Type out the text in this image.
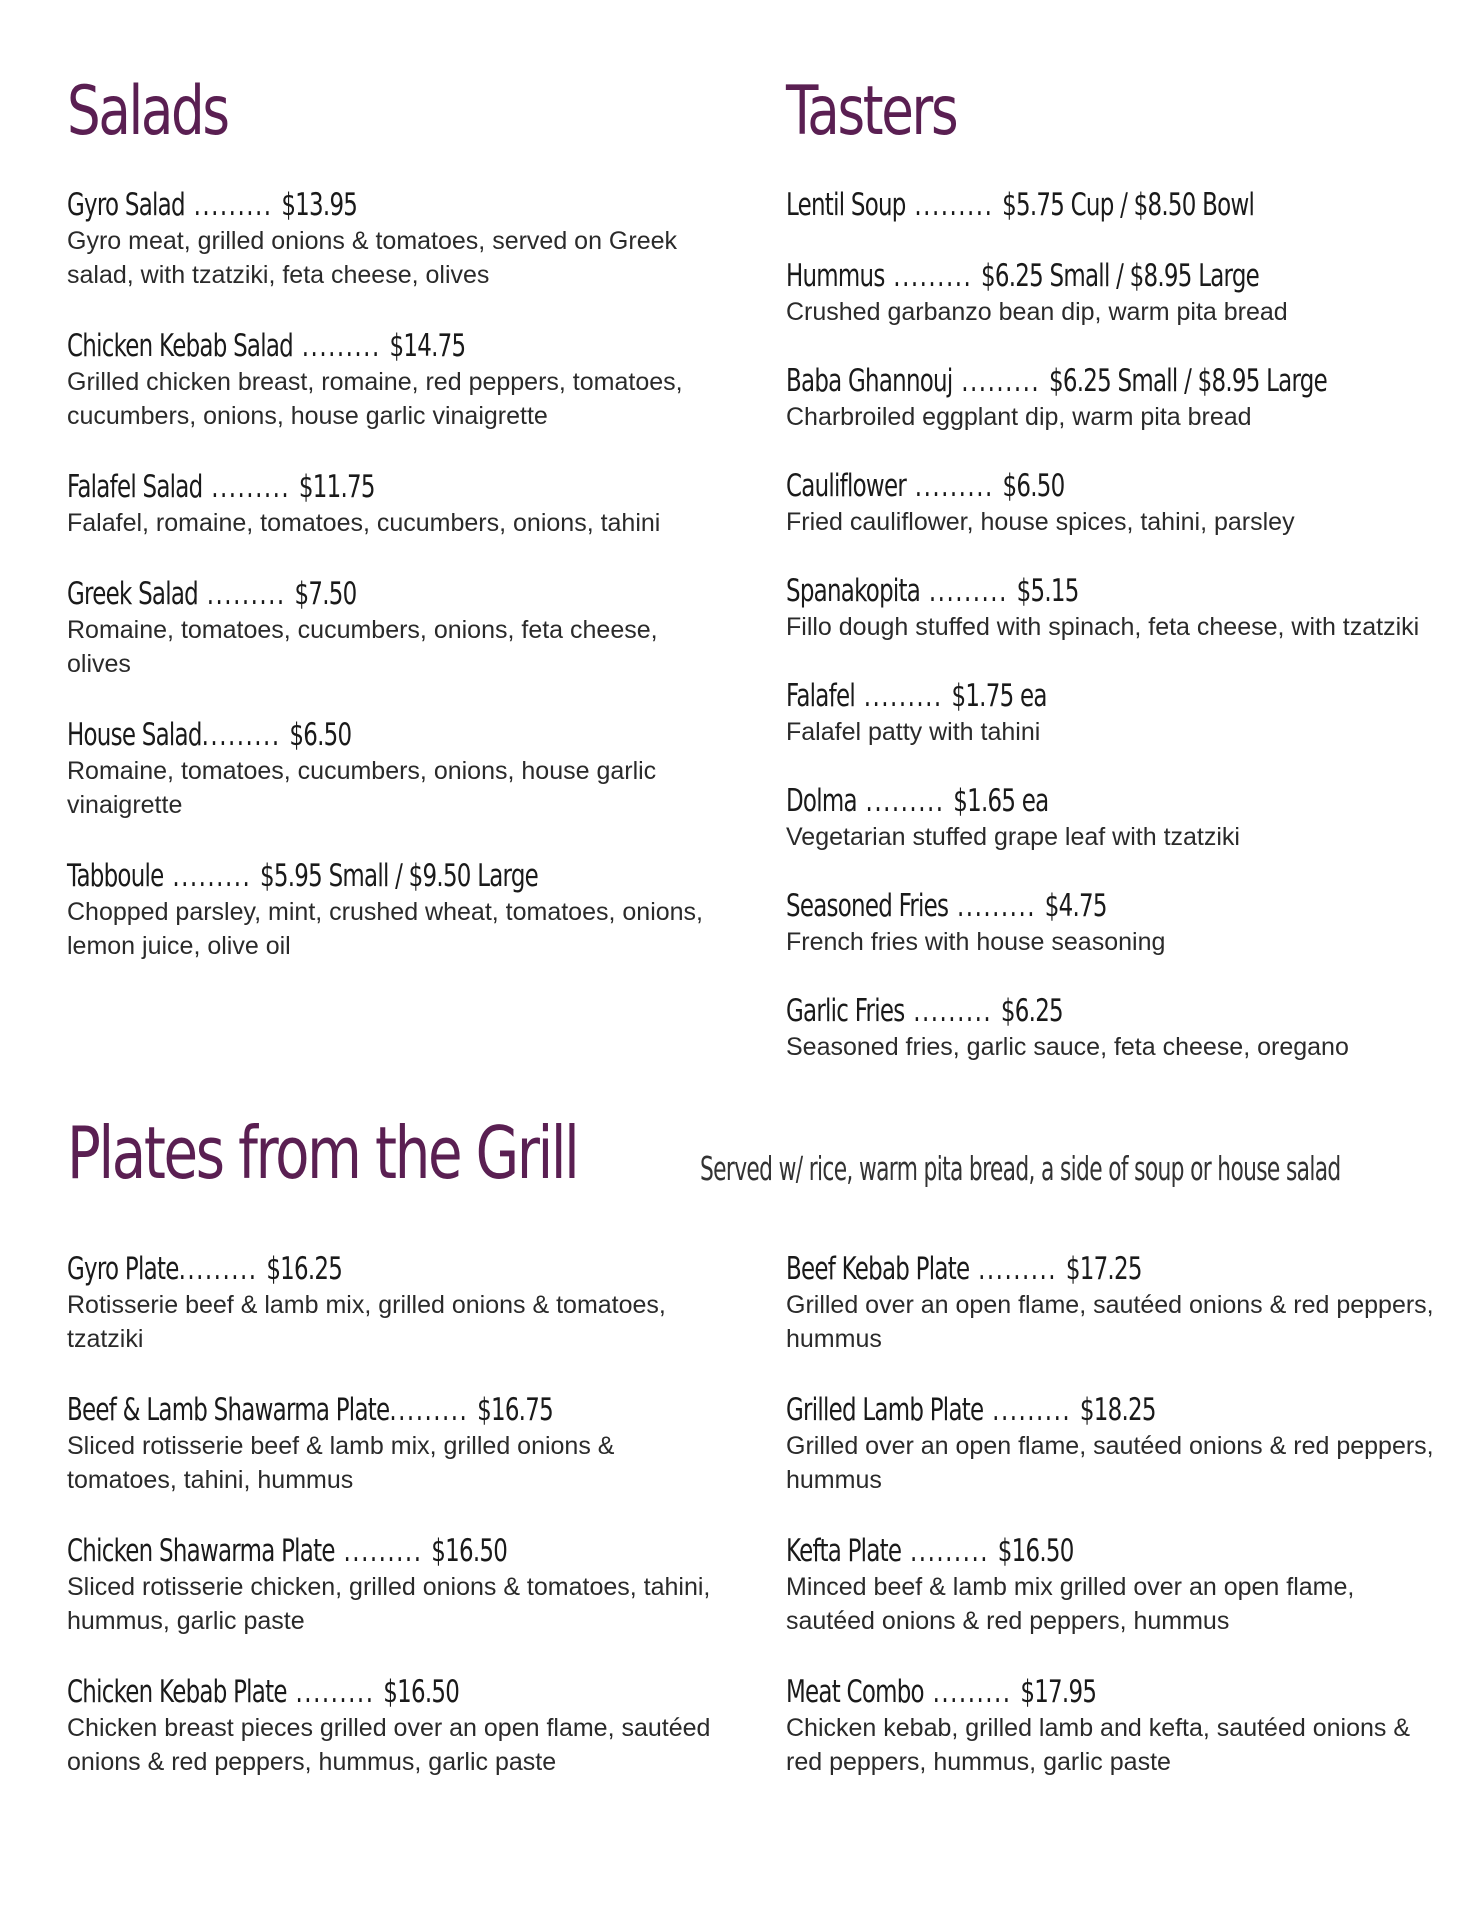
Salads	Tasters
Plates from the Grill	Served w/ rice, warm pita bread, a side of soup or house salad
Gyro Salad ......... $13.95

Gyro meat, grilled onions & tomatoes, served on Greek salad, with tzatziki, feta cheese, olives

Chicken Kebab Salad ......... $14.75

Grilled chicken breast, romaine, red peppers, tomatoes, cucumbers, onions, house garlic vinaigrette

Falafel Salad ......... $11.75

Falafel, romaine, tomatoes, cucumbers, onions, tahini

Greek Salad ......... $7.50

Romaine, tomatoes, cucumbers, onions, feta cheese, olives

House Salad......... $6.50

Romaine, tomatoes, cucumbers, onions, house garlic vinaigrette

Tabboule ......... $5.95 Small / $9.50 Large

Chopped parsley, mint, crushed wheat, tomatoes, onions, lemon juice, olive oil

Lentil Soup ......... $5.75 Cup / $8.50 Bowl
Hummus ......... $6.25 Small / $8.95 Large

Crushed garbanzo bean dip, warm pita bread

Baba Ghannouj ......... $6.25 Small / $8.95 Large

Charbroiled eggplant dip, warm pita bread

Cauliflower ......... $6.50

Fried cauliflower, house spices, tahini, parsley

Spanakopita ......... $5.15

Fillo dough stuffed with spinach, feta cheese, with tzatziki

Falafel ......... $1.75 ea

Falafel patty with tahini

Dolma ......... $1.65 ea

Vegetarian stuffed grape leaf with tzatziki

Seasoned Fries ......... $4.75

French fries with house seasoning

Garlic Fries ......... $6.25

Seasoned fries, garlic sauce, feta cheese, oregano

Gyro Plate......... $16.25

Rotisserie beef & lamb mix, grilled onions & tomatoes, tzatziki

Beef & Lamb Shawarma Plate......... $16.75

Sliced rotisserie beef & lamb mix, grilled onions & tomatoes, tahini, hummus

Chicken Shawarma Plate ......... $16.50

Sliced rotisserie chicken, grilled onions & tomatoes, tahini, hummus, garlic paste

Chicken Kebab Plate ......... $16.50

Chicken breast pieces grilled over an open flame, sautéed onions & red peppers, hummus, garlic paste

Beef Kebab Plate ......... $17.25

Grilled over an open flame, sautéed onions & red peppers, hummus

Grilled Lamb Plate ......... $18.25

Grilled over an open flame, sautéed onions & red peppers, hummus

Kefta Plate ......... $16.50

Minced beef & lamb mix grilled over an open flame, sautéed onions & red peppers, hummus

Meat Combo ......... $17.95

Chicken kebab, grilled lamb and kefta, sautéed onions & red peppers, hummus, garlic paste
